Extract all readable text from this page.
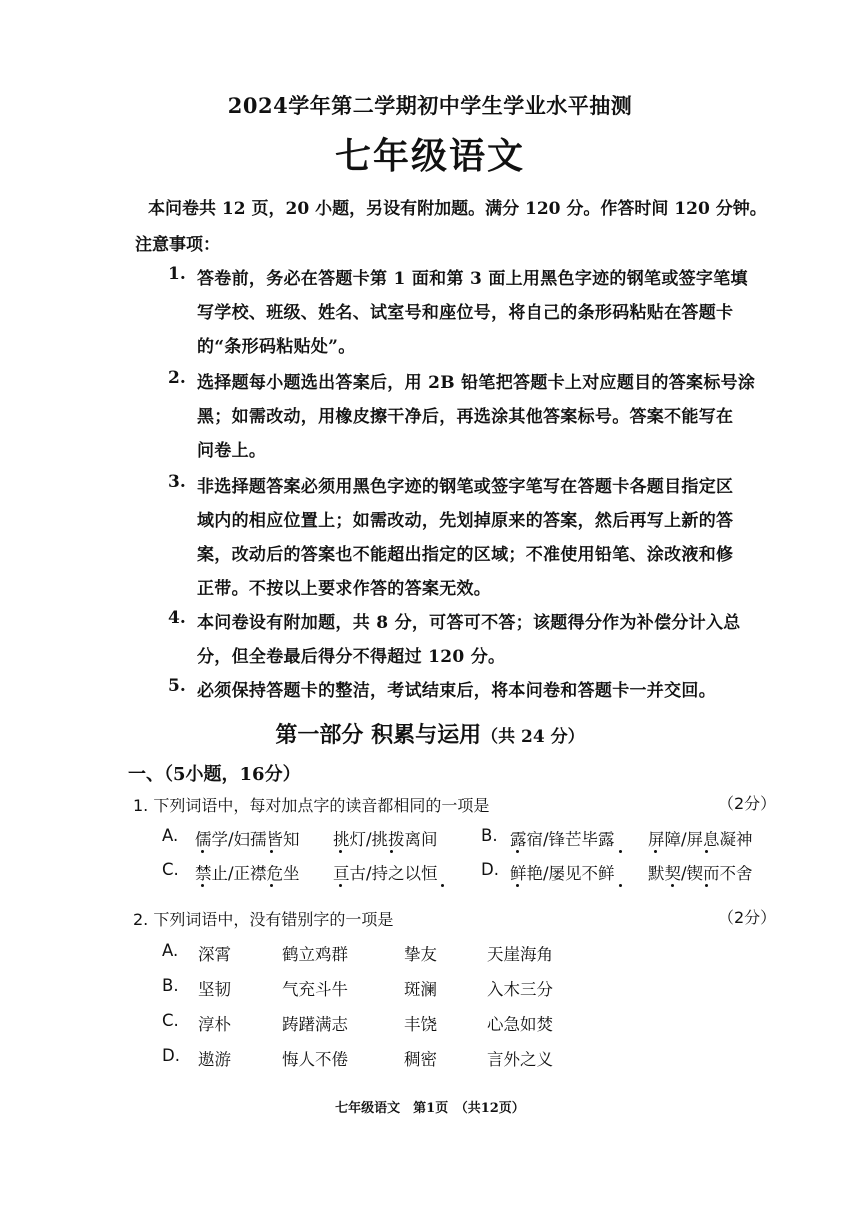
2024学年第二学期初中学生学业水平抽测
七年级语文
本问卷共 12 页，20 小题，另设有附加题。满分 120 分。作答时间 120 分钟。
注意事项：
1. 答卷前，务必在答题卡第 1 面和第 3 面上用黑色字迹的钢笔或签字笔填
写学校、班级、姓名、试室号和座位号，将自己的条形码粘贴在答题卡
的“条形码粘贴处”。
2. 选择题每小题选出答案后，用 2B 铅笔把答题卡上对应题目的答案标号涂
黑；如需改动，用橡皮擦干净后，再选涂其他答案标号。答案不能写在
问卷上。
3. 非选择题答案必须用黑色字迹的钢笔或签字笔写在答题卡各题目指定区
域内的相应位置上；如需改动，先划掉原来的答案，然后再写上新的答
案，改动后的答案也不能超出指定的区域；不准使用铅笔、涂改液和修
正带。不按以上要求作答的答案无效。
4. 本问卷设有附加题，共 8 分，可答可不答；该题得分作为补偿分计入总
分，但全卷最后得分不得超过 120 分。
5. 必须保持答题卡的整洁，考试结束后，将本问卷和答题卡一并交回。
第一部分 积累与运用（共 24 分）
一、（5小题，16分）
1. 下列词语中，每对加点字的读音都相同的一项是	（2分）
A. 儒学/妇孺皆知 挑灯/挑拨离间	B. 露宿/锋芒毕露 屏障/屏息凝神
C. 禁止/正襟危坐 亘古/持之以恒	D. 鲜艳/屡见不鲜 默契/锲而不舍
2. 下列词语中，没有错别字的一项是	（2分）
A. 深霄	鹤立鸡群	挚友	天崖海角
B. 坚韧	气充斗牛	斑澜	入木三分
C. 淳朴	踌躇满志	丰饶	心急如焚
D. 遨游	悔人不倦	稠密	言外之义
七年级语文　第1页　（共12页）
